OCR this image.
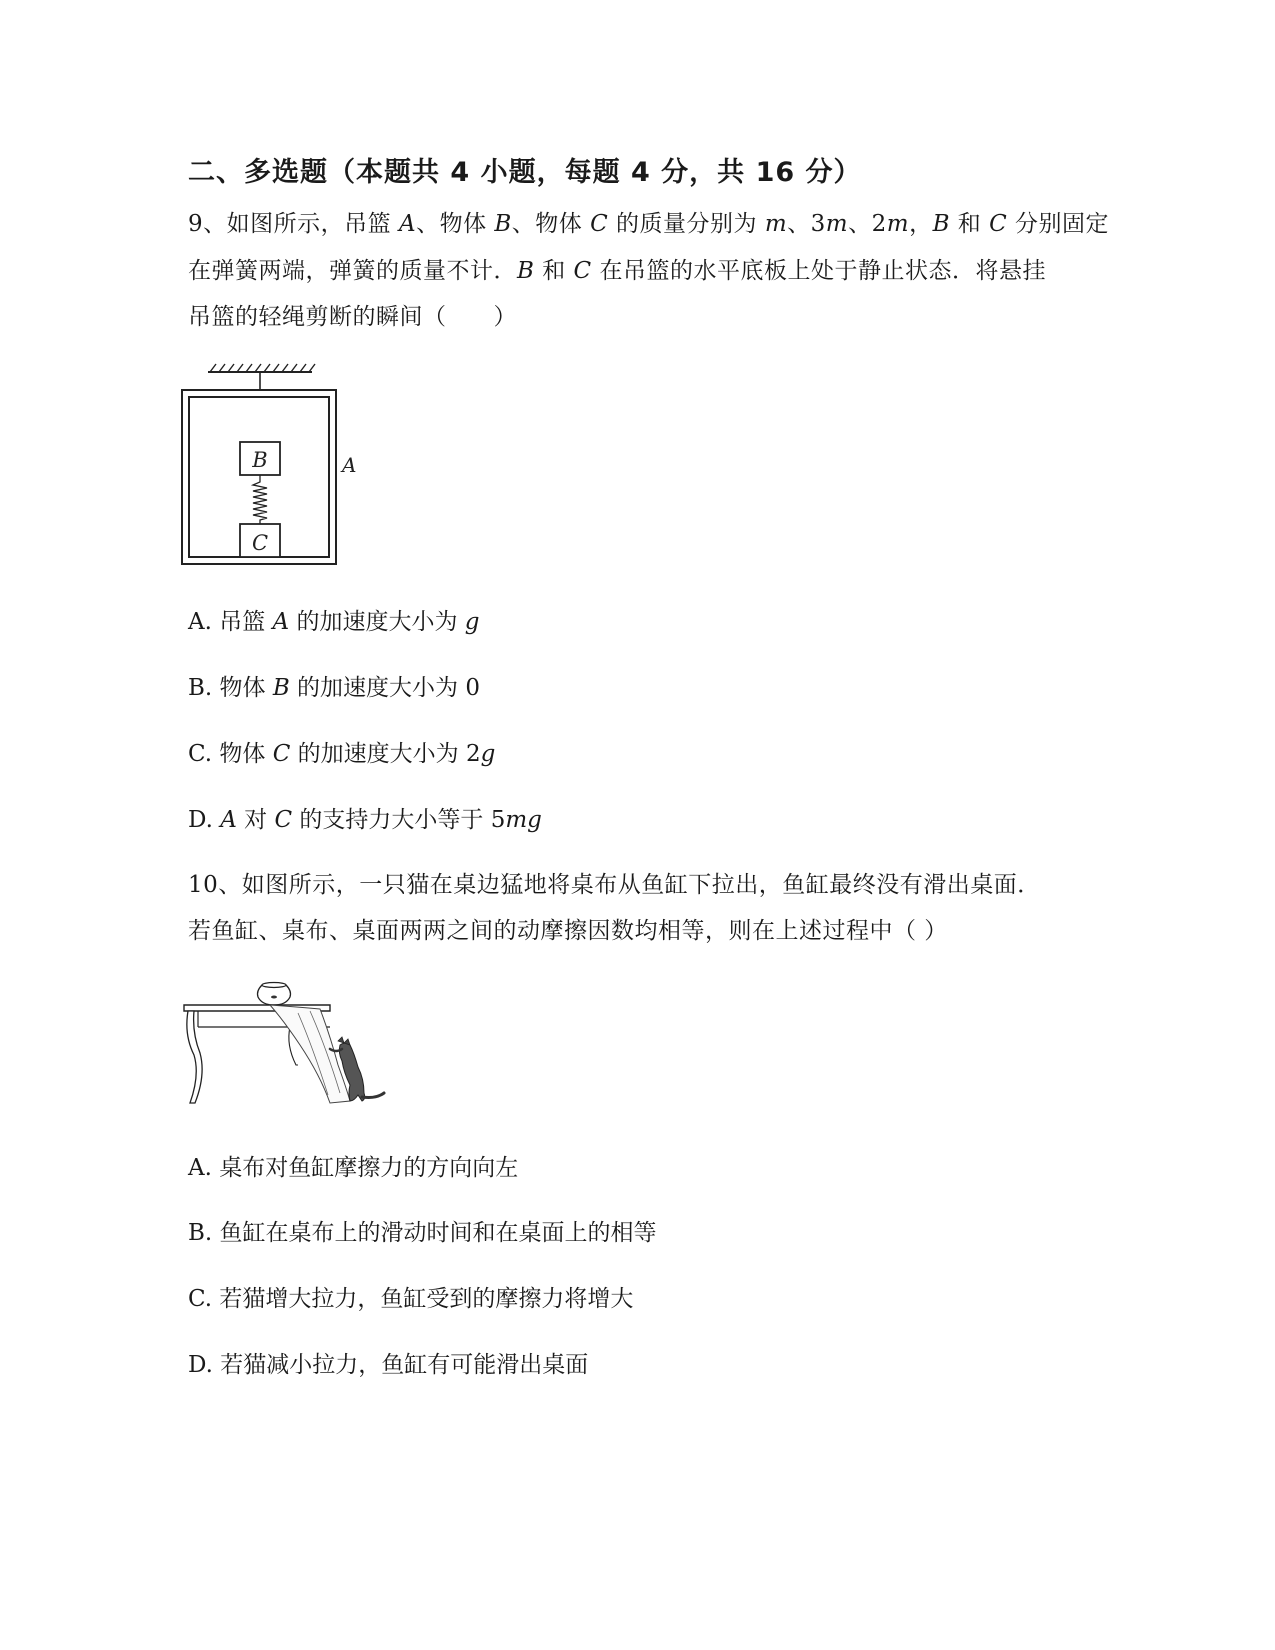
二、多选题（本题共 4 小题，每题 4 分，共 16 分）
9、如图所示，吊篮 A、物体 B、物体 C 的质量分别为 m、3m、2m，B 和 C 分别固定
在弹簧两端，弹簧的质量不计．B 和 C 在吊篮的水平底板上处于静止状态．将悬挂
吊篮的轻绳剪断的瞬间（　　）
B
C
A
A. 吊篮 A 的加速度大小为 g
B. 物体 B 的加速度大小为 0
C. 物体 C 的加速度大小为 2g
D. A 对 C 的支持力大小等于 5mg
10、如图所示，一只猫在桌边猛地将桌布从鱼缸下拉出，鱼缸最终没有滑出桌面．
若鱼缸、桌布、桌面两两之间的动摩擦因数均相等，则在上述过程中（ ）
A. 桌布对鱼缸摩擦力的方向向左
B. 鱼缸在桌布上的滑动时间和在桌面上的相等
C. 若猫增大拉力，鱼缸受到的摩擦力将增大
D. 若猫减小拉力，鱼缸有可能滑出桌面
